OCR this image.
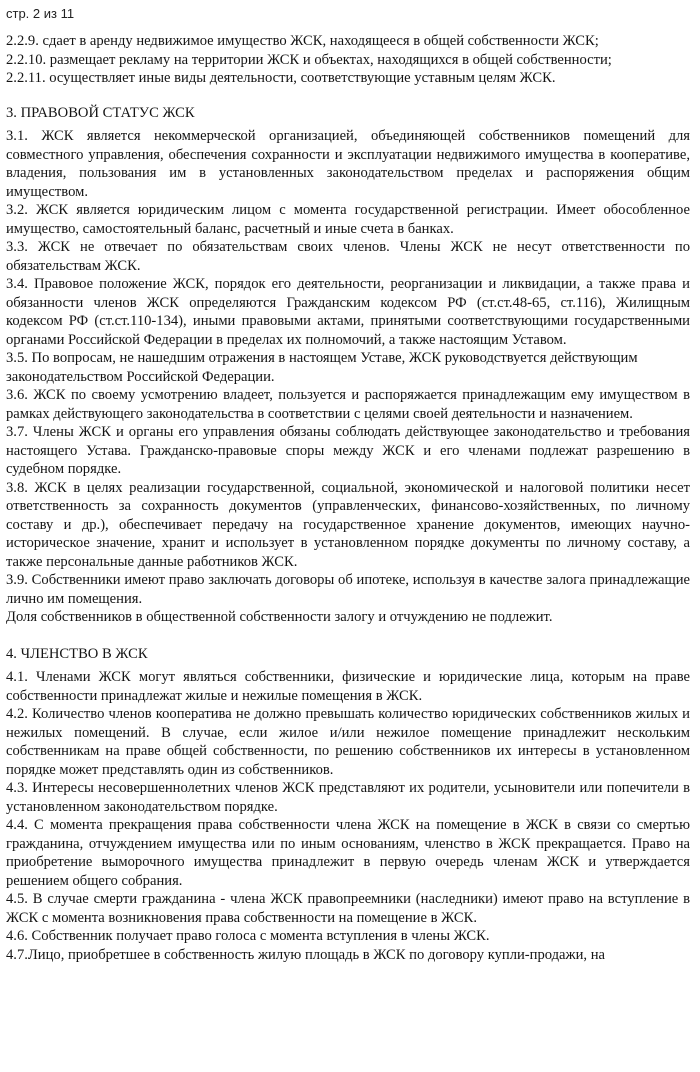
стр. 2 из 11

2.2.9. сдает в аренду недвижимое имущество ЖСК, находящееся в общей собственности ЖСК;

2.2.10. размещает рекламу на территории ЖСК и объектах, находящихся в общей собственности;

2.2.11. осуществляет иные виды деятельности, соответствующие уставным целям ЖСК.

3. ПРАВОВОЙ СТАТУС ЖСК

3.1. ЖСК является некоммерческой организацией, объединяющей собственников помещений для совместного управления, обеспечения сохранности и эксплуатации недвижимого имущества в кооперативе, владения, пользования им в установленных законодательством пределах и распоряжения общим имуществом.

3.2. ЖСК является юридическим лицом с момента государственной регистрации. Имеет обособленное имущество, самостоятельный баланс, расчетный и иные счета в банках.

3.3. ЖСК не отвечает по обязательствам своих членов. Члены ЖСК не несут ответственности по обязательствам ЖСК.

3.4. Правовое положение ЖСК, порядок его деятельности, реорганизации и ликвидации, а также права и обязанности членов ЖСК определяются Гражданским кодексом РФ (ст.ст.48-65, ст.116), Жилищным кодексом РФ (ст.ст.110-134), иными правовыми актами, принятыми соответствующими государственными органами Российской Федерации в пределах их полномочий, а также настоящим Уставом.

3.5. По вопросам, не нашедшим отражения в настоящем Уставе, ЖСК руководствуется действующим законодательством Российской Федерации.

3.6. ЖСК по своему усмотрению владеет, пользуется и распоряжается принадлежащим ему имуществом в рамках действующего законодательства в соответствии с целями своей деятельности и назначением.

3.7. Члены ЖСК и органы его управления обязаны соблюдать действующее законодательство и требования настоящего Устава. Гражданско-правовые споры между ЖСК и его членами подлежат разрешению в судебном порядке.

3.8. ЖСК в целях реализации государственной, социальной, экономической и налоговой политики несет ответственность за сохранность документов (управленческих, финансово-хозяйственных, по личному составу и др.), обеспечивает передачу на государственное хранение документов, имеющих научно-историческое значение, хранит и использует в установленном порядке документы по личному составу, а также персональные данные работников ЖСК.

3.9. Собственники имеют право заключать договоры об ипотеке, используя в качестве залога принадлежащие лично им помещения.

Доля собственников в общественной собственности залогу и отчуждению не подлежит.

4. ЧЛЕНСТВО В ЖСК

4.1. Членами ЖСК могут являться собственники, физические и юридические лица, которым на праве собственности принадлежат жилые и нежилые помещения в ЖСК.

4.2. Количество членов кооператива не должно превышать количество юридических собственников жилых и нежилых помещений. В случае, если жилое и/или нежилое помещение принадлежит нескольким собственникам на праве общей собственности, по решению собственников их интересы в установленном порядке может представлять один из собственников.

4.3. Интересы несовершеннолетних членов ЖСК представляют их родители, усыновители или попечители в установленном законодательством порядке.

4.4. С момента прекращения права собственности члена ЖСК на помещение в ЖСК в связи со смертью гражданина, отчуждением имущества или по иным основаниям, членство в ЖСК прекращается. Право на приобретение выморочного имущества принадлежит в первую очередь членам ЖСК и утверждается решением общего собрания.

4.5. В случае смерти гражданина - члена ЖСК правопреемники (наследники) имеют право на вступление в ЖСК с момента возникновения права собственности на помещение в ЖСК.

4.6. Собственник получает право голоса с момента вступления в члены ЖСК.

4.7.Лицо, приобретшее в собственность жилую площадь в ЖСК по договору купли-продажи, на
